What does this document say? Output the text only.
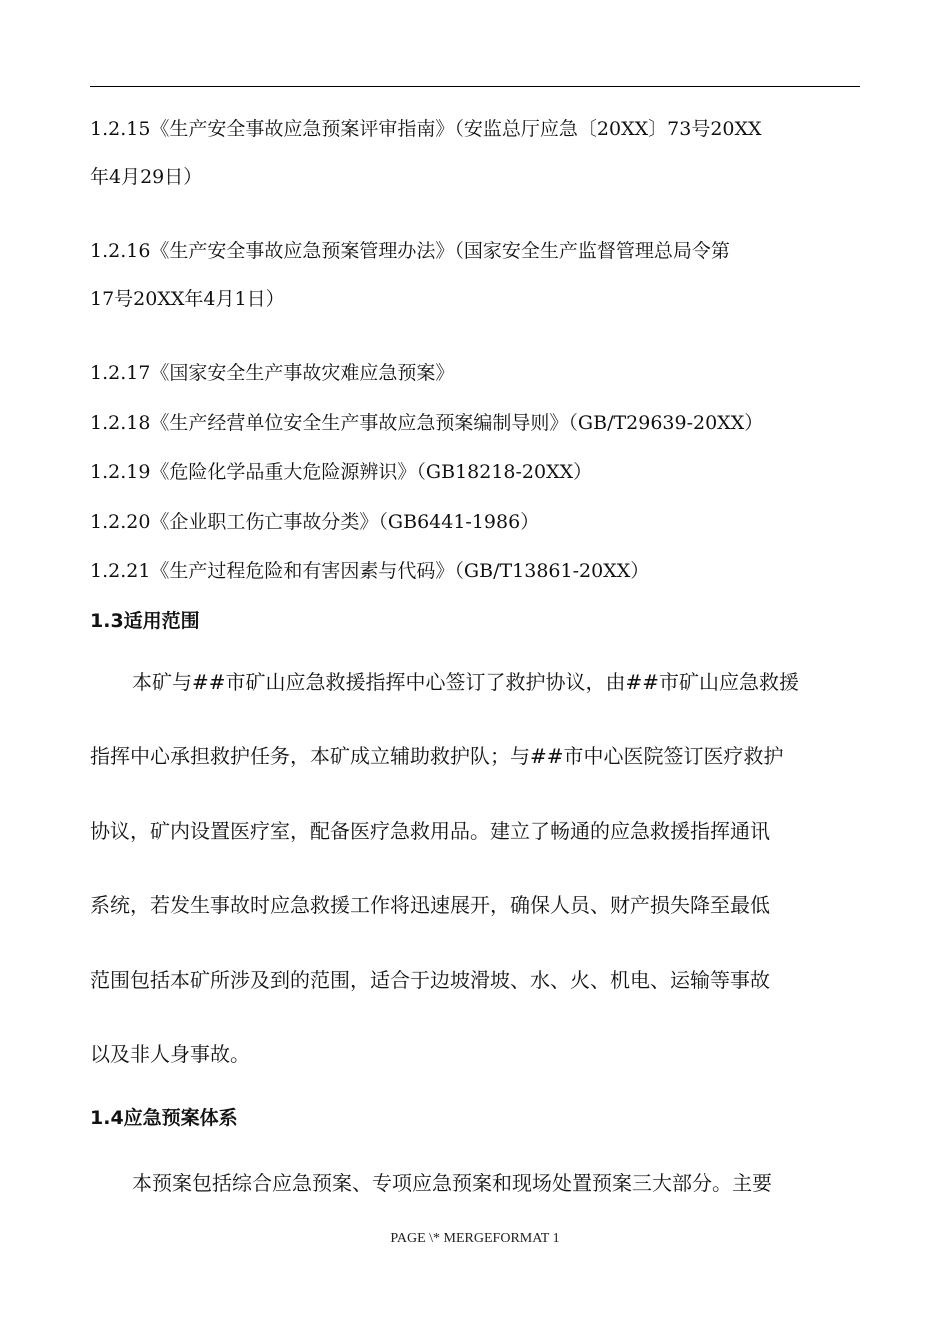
1.2.15《生产安全事故应急预案评审指南》（安监总厅应急〔20XX〕73号20XX

年4月29日）

1.2.16《生产安全事故应急预案管理办法》（国家安全生产监督管理总局令第

17号20XX年4月1日）

1.2.17《国家安全生产事故灾难应急预案》

1.2.18《生产经营单位安全生产事故应急预案编制导则》（GB/T29639-20XX）

1.2.19《危险化学品重大危险源辨识》（GB18218-20XX）

1.2.20《企业职工伤亡事故分类》（GB6441-1986）

1.2.21《生产过程危险和有害因素与代码》（GB/T13861-20XX）

1.3适用范围
本矿与##市矿山应急救援指挥中心签订了救护协议，由##市矿山应急救援
指挥中心承担救护任务，本矿成立辅助救护队；与##市中心医院签订医疗救护
协议，矿内设置医疗室，配备医疗急救用品。建立了畅通的应急救援指挥通讯
系统，若发生事故时应急救援工作将迅速展开，确保人员、财产损失降至最低
范围包括本矿所涉及到的范围，适合于边坡滑坡、水、火、机电、运输等事故
以及非人身事故。
1.4应急预案体系
本预案包括综合应急预案、专项应急预案和现场处置预案三大部分。主要
PAGE \* MERGEFORMAT 1
